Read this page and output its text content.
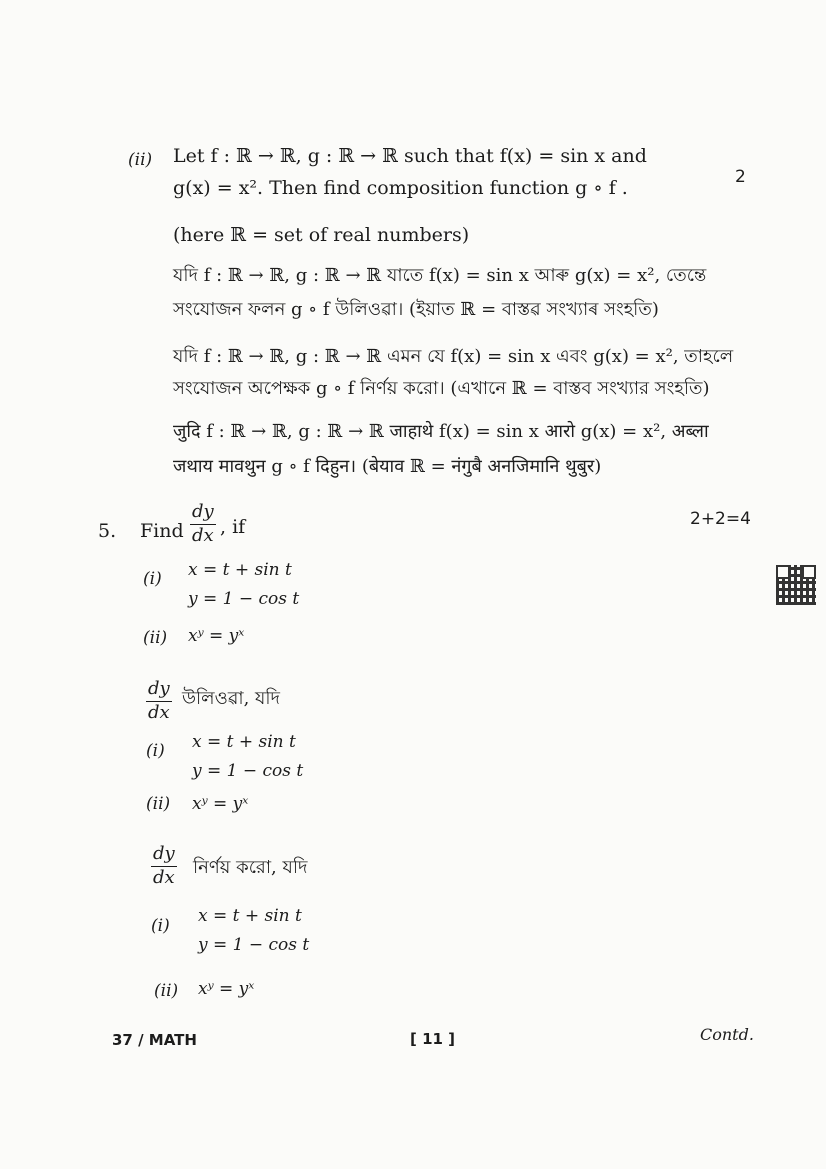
(ii) Let f : ℝ → ℝ, g : ℝ → ℝ such that f(x) = sin x and
g(x) = x². Then find composition function g ∘ f .	2
(here ℝ = set of real numbers)
যদি f : ℝ → ℝ, g : ℝ → ℝ যাতে f(x) = sin x আৰু g(x) = x², তেন্তে
সংযোজন ফলন g ∘ f উলিওৱা। (ইয়াত ℝ = বাস্তৱ সংখ্যাৰ সংহতি)
যদি f : ℝ → ℝ, g : ℝ → ℝ এমন যে f(x) = sin x এবং g(x) = x², তাহলে
সংযোজন অপেক্ষক g ∘ f নির্ণয় করো। (এখানে ℝ = বাস্তব সংখ্যার সংহতি)
जुदि f : ℝ → ℝ, g : ℝ → ℝ जाहाथे f(x) = sin x आरो g(x) = x², अब्ला
जथाय मावथुन g ∘ f दिहुन। (बेयाव ℝ = नंगुबै अनजिमानि थुबुर)
5. Find $\frac{dy}{dx}$ , if	2+2=4
(i) x = t + sin t
y = 1 − cos t
(ii) xʸ = yˣ
$\frac{dy}{dx}$ উলিওৱা, যদি
(i) x = t + sin t
y = 1 − cos t
(ii) xʸ = yˣ
$\frac{dy}{dx}$ নির্ণয় করো, যদি
(i) x = t + sin t
y = 1 − cos t
(ii) xʸ = yˣ
37 / MATH	[ 11 ]	Contd.
